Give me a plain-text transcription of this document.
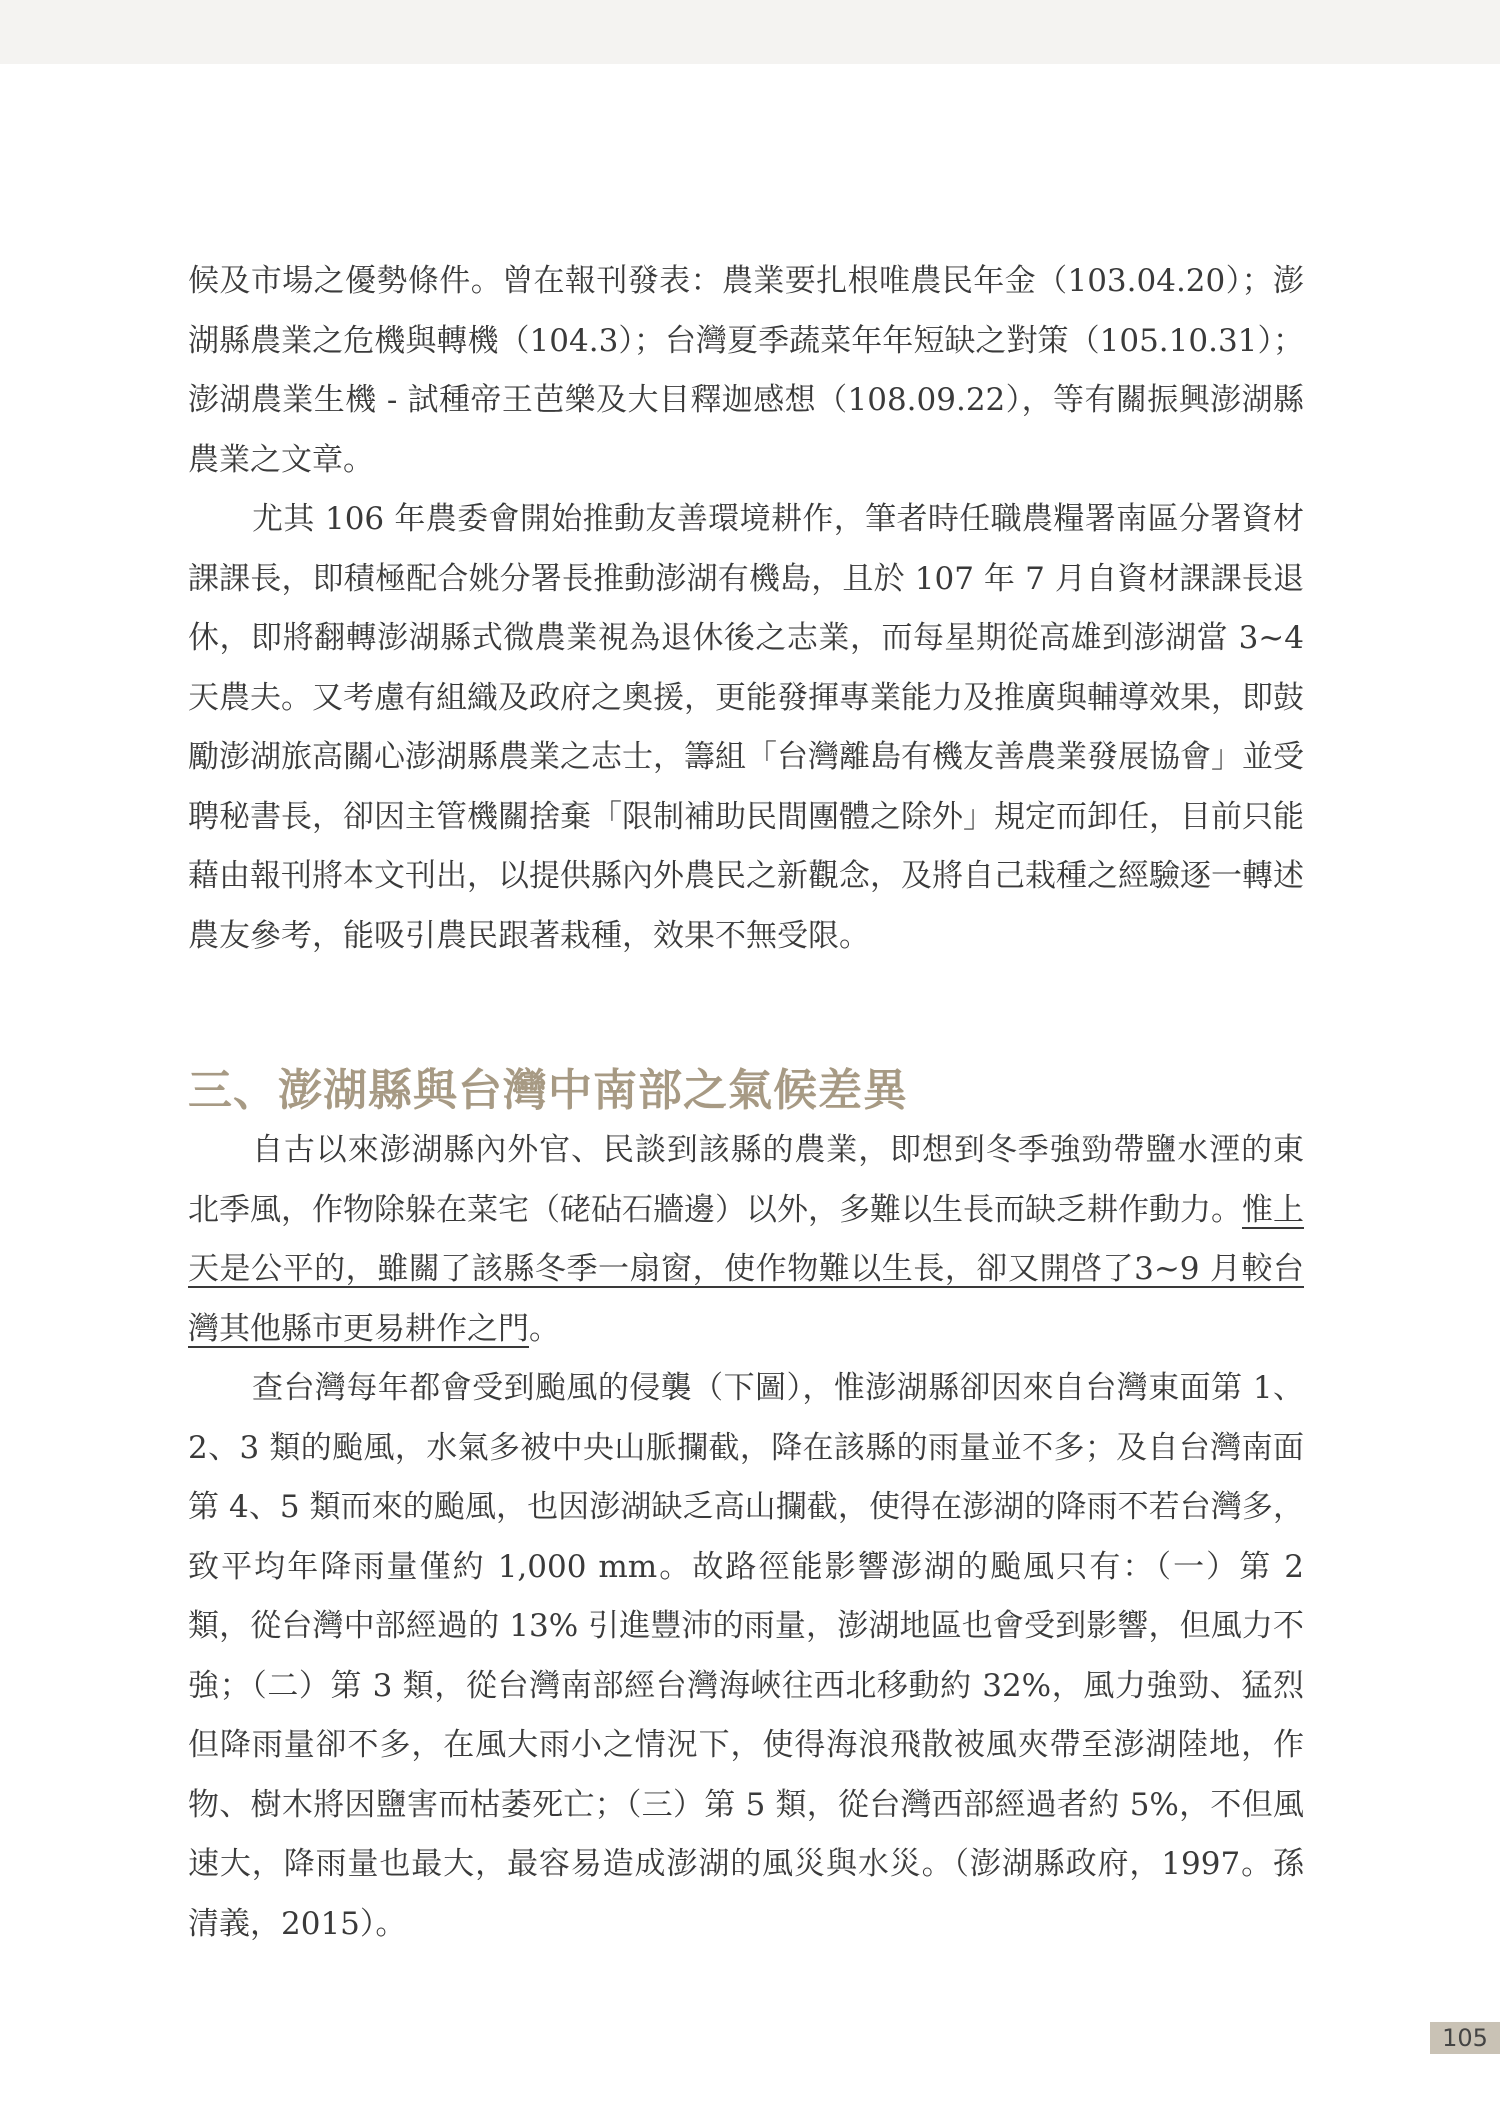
候及市場之優勢條件。曾在報刊發表：農業要扎根唯農民年金（103.04.20）；澎湖縣農業之危機與轉機（104.3）；台灣夏季蔬菜年年短缺之對策（105.10.31）；澎湖農業生機 - 試種帝王芭樂及大目釋迦感想（108.09.22），等有關振興澎湖縣農業之文章。

尤其 106 年農委會開始推動友善環境耕作，筆者時任職農糧署南區分署資材課課長，即積極配合姚分署長推動澎湖有機島，且於 107 年 7 月自資材課課長退休，即將翻轉澎湖縣式微農業視為退休後之志業，而每星期從高雄到澎湖當 3~4 天農夫。又考慮有組織及政府之奧援，更能發揮專業能力及推廣與輔導效果，即鼓勵澎湖旅高關心澎湖縣農業之志士，籌組「台灣離島有機友善農業發展協會」並受聘秘書長，卻因主管機關捨棄「限制補助民間團體之除外」規定而卸任，目前只能藉由報刊將本文刊出，以提供縣內外農民之新觀念，及將自己栽種之經驗逐一轉述農友參考，能吸引農民跟著栽種，效果不無受限。

三、澎湖縣與台灣中南部之氣候差異

自古以來澎湖縣內外官、民談到該縣的農業，即想到冬季強勁帶鹽水湮的東北季風，作物除躲在菜宅（硓砧石牆邊）以外，多難以生長而缺乏耕作動力。惟上天是公平的，雖關了該縣冬季一扇窗，使作物難以生長，卻又開啓了3~9 月較台灣其他縣市更易耕作之門。

查台灣每年都會受到颱風的侵襲（下圖），惟澎湖縣卻因來自台灣東面第 1、2、3 類的颱風，水氣多被中央山脈攔截，降在該縣的雨量並不多；及自台灣南面第 4、5 類而來的颱風，也因澎湖缺乏高山攔截，使得在澎湖的降雨不若台灣多，致平均年降雨量僅約 1,000 mm。故路徑能影響澎湖的颱風只有：（一）第 2 類，從台灣中部經過的 13% 引進豐沛的雨量，澎湖地區也會受到影響，但風力不強；（二）第 3 類，從台灣南部經台灣海峽往西北移動約 32%，風力強勁、猛烈但降雨量卻不多，在風大雨小之情況下，使得海浪飛散被風夾帶至澎湖陸地，作物、樹木將因鹽害而枯萎死亡；（三）第 5 類，從台灣西部經過者約 5%，不但風速大，降雨量也最大，最容易造成澎湖的風災與水災。（澎湖縣政府，1997。孫清義，2015）。

105
